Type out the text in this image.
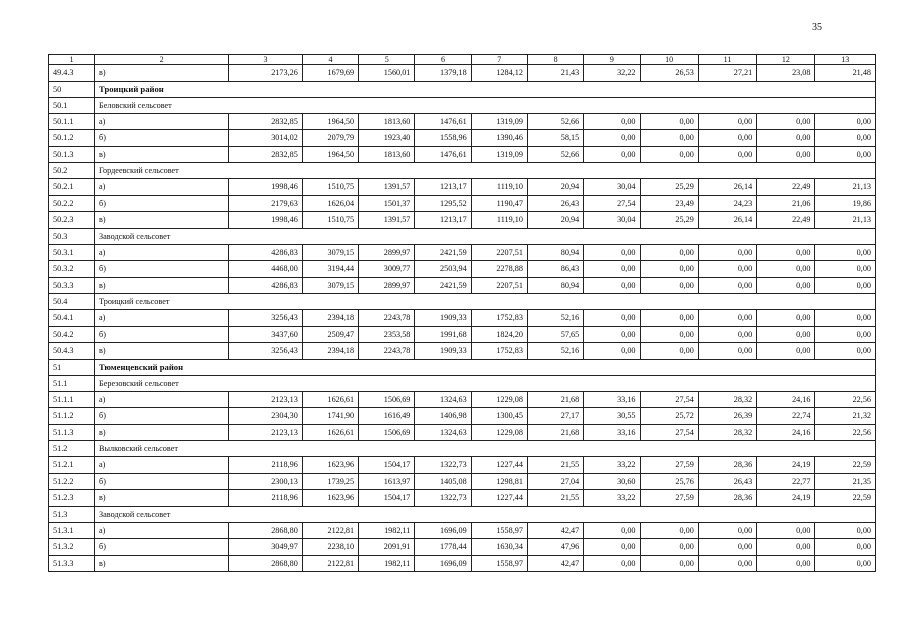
35
1	2	3	4	5	6	7	8	9	10	11	12	13
49.4.3	в)	2173,26	1679,69	1560,01	1379,18	1284,12	21,43	32,22	26,53	27,21	23,08	21,48
50	Троицкий район											
50.1	Беловский сельсовет											
50.1.1	а)	2832,85	1964,50	1813,60	1476,61	1319,09	52,66	0,00	0,00	0,00	0,00	0,00
50.1.2	б)	3014,02	2079,79	1923,40	1558,96	1390,46	58,15	0,00	0,00	0,00	0,00	0,00
50.1.3	в)	2832,85	1964,50	1813,60	1476,61	1319,09	52,66	0,00	0,00	0,00	0,00	0,00
50.2	Гордеевский сельсовет											
50.2.1	а)	1998,46	1510,75	1391,57	1213,17	1119,10	20,94	30,04	25,29	26,14	22,49	21,13
50.2.2	б)	2179,63	1626,04	1501,37	1295,52	1190,47	26,43	27,54	23,49	24,23	21,06	19,86
50.2.3	в)	1998,46	1510,75	1391,57	1213,17	1119,10	20,94	30,04	25,29	26,14	22,49	21,13
50.3	Заводской сельсовет											
50.3.1	а)	4286,83	3079,15	2899,97	2421,59	2207,51	80,94	0,00	0,00	0,00	0,00	0,00
50.3.2	б)	4468,00	3194,44	3009,77	2503,94	2278,88	86,43	0,00	0,00	0,00	0,00	0,00
50.3.3	в)	4286,83	3079,15	2899,97	2421,59	2207,51	80,94	0,00	0,00	0,00	0,00	0,00
50.4	Троицкий сельсовет											
50.4.1	а)	3256,43	2394,18	2243,78	1909,33	1752,83	52,16	0,00	0,00	0,00	0,00	0,00
50.4.2	б)	3437,60	2509,47	2353,58	1991,68	1824,20	57,65	0,00	0,00	0,00	0,00	0,00
50.4.3	в)	3256,43	2394,18	2243,78	1909,33	1752,83	52,16	0,00	0,00	0,00	0,00	0,00
51	Тюменцевский район											
51.1	Березовский сельсовет											
51.1.1	а)	2123,13	1626,61	1506,69	1324,63	1229,08	21,68	33,16	27,54	28,32	24,16	22,56
51.1.2	б)	2304,30	1741,90	1616,49	1406,98	1300,45	27,17	30,55	25,72	26,39	22,74	21,32
51.1.3	в)	2123,13	1626,61	1506,69	1324,63	1229,08	21,68	33,16	27,54	28,32	24,16	22,56
51.2	Вылковский сельсовет											
51.2.1	а)	2118,96	1623,96	1504,17	1322,73	1227,44	21,55	33,22	27,59	28,36	24,19	22,59
51.2.2	б)	2300,13	1739,25	1613,97	1405,08	1298,81	27,04	30,60	25,76	26,43	22,77	21,35
51.2.3	в)	2118,96	1623,96	1504,17	1322,73	1227,44	21,55	33,22	27,59	28,36	24,19	22,59
51.3	Заводской сельсовет											
51.3.1	а)	2868,80	2122,81	1982,11	1696,09	1558,97	42,47	0,00	0,00	0,00	0,00	0,00
51.3.2	б)	3049,97	2238,10	2091,91	1778,44	1630,34	47,96	0,00	0,00	0,00	0,00	0,00
51.3.3	в)	2868,80	2122,81	1982,11	1696,09	1558,97	42,47	0,00	0,00	0,00	0,00	0,00
